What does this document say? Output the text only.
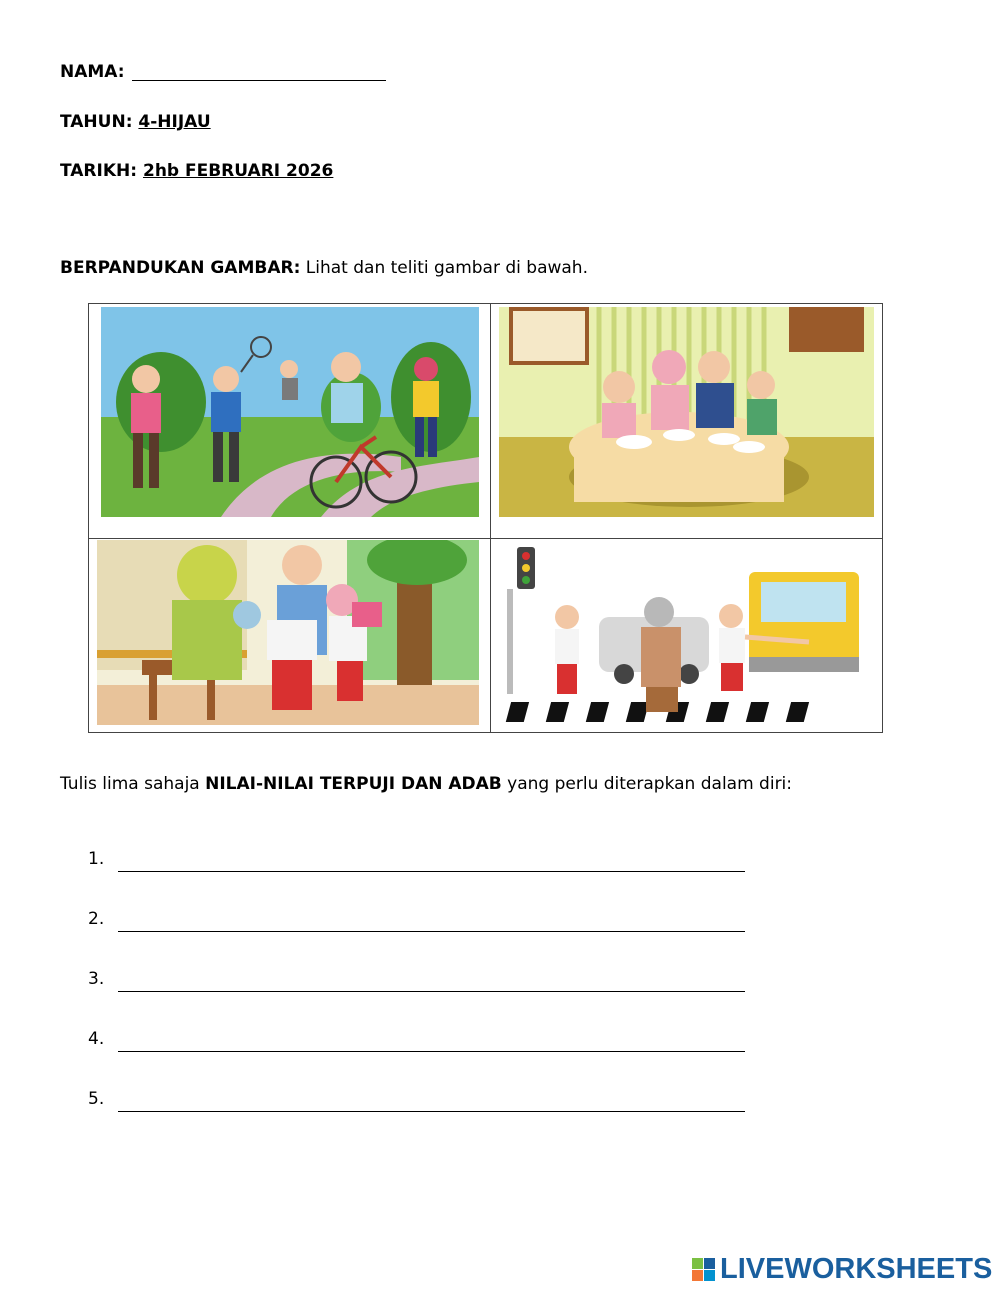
NAMA:
TAHUN: 4-HIJAU
TARIKH: 2hb FEBRUARI 2026
BERPANDUKAN GAMBAR: Lihat dan teliti gambar di bawah.
Tulis lima sahaja NILAI-NILAI TERPUJI DAN ADAB yang perlu diterapkan dalam diri:
1.
2.
3.
4.
5.
LIVEWORKSHEETS
